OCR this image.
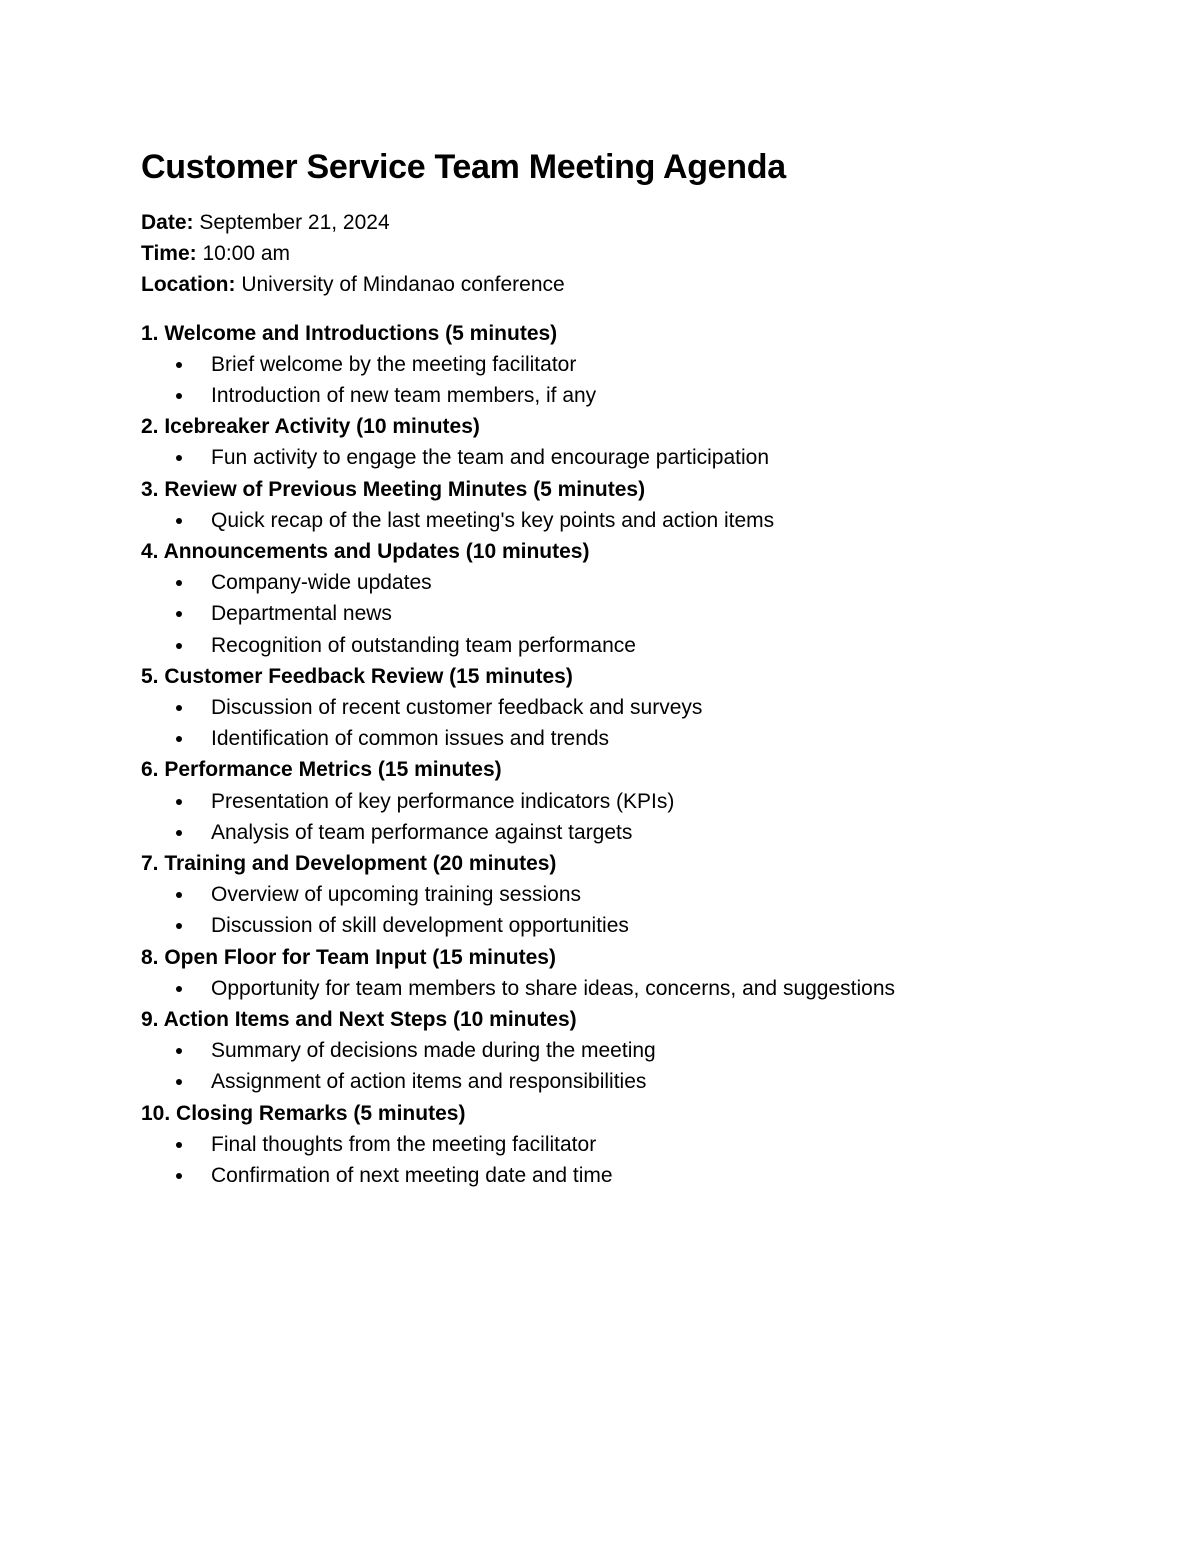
Customer Service Team Meeting Agenda
Date: September 21, 2024
Time: 10:00 am
Location: University of Mindanao conference
1. Welcome and Introductions (5 minutes)
Brief welcome by the meeting facilitator
Introduction of new team members, if any
2. Icebreaker Activity (10 minutes)
Fun activity to engage the team and encourage participation
3. Review of Previous Meeting Minutes (5 minutes)
Quick recap of the last meeting's key points and action items
4. Announcements and Updates (10 minutes)
Company-wide updates
Departmental news
Recognition of outstanding team performance
5. Customer Feedback Review (15 minutes)
Discussion of recent customer feedback and surveys
Identification of common issues and trends
6. Performance Metrics (15 minutes)
Presentation of key performance indicators (KPIs)
Analysis of team performance against targets
7. Training and Development (20 minutes)
Overview of upcoming training sessions
Discussion of skill development opportunities
8. Open Floor for Team Input (15 minutes)
Opportunity for team members to share ideas, concerns, and suggestions
9. Action Items and Next Steps (10 minutes)
Summary of decisions made during the meeting
Assignment of action items and responsibilities
10. Closing Remarks (5 minutes)
Final thoughts from the meeting facilitator
Confirmation of next meeting date and time
